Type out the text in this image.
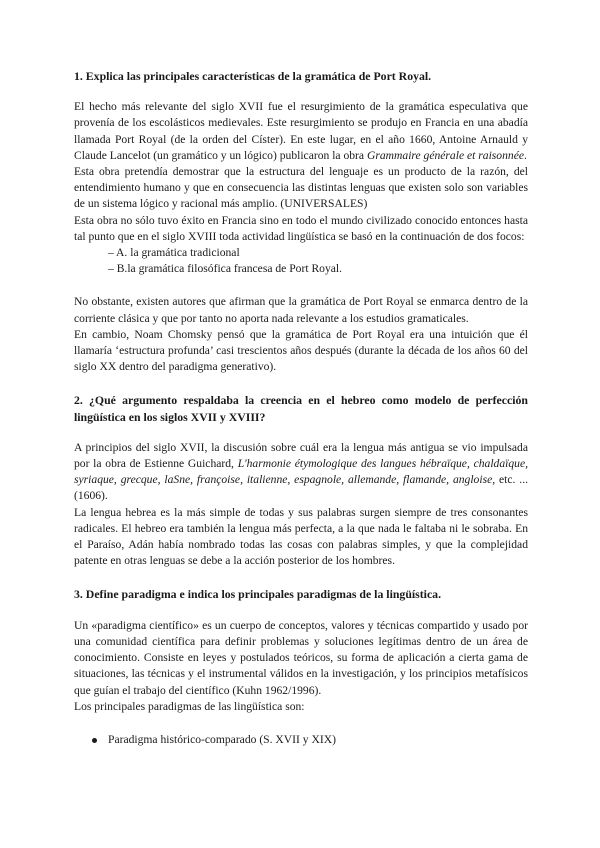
1. Explica las principales características de la gramática de Port Royal.

El hecho más relevante del siglo XVII fue el resurgimiento de la gramática especulativa que provenía de los escolásticos medievales. Este resurgimiento se produjo en Francia en una abadía llamada Port Royal (de la orden del Císter). En este lugar, en el año 1660, Antoine Arnauld y Claude Lancelot (un gramático y un lógico) publicaron la obra Grammaire générale et raisonnée.

Esta obra pretendía demostrar que la estructura del lenguaje es un producto de la razón, del entendimiento humano y que en consecuencia las distintas lenguas que existen solo son variables de un sistema lógico y racional más amplio. (UNIVERSALES)

Esta obra no sólo tuvo éxito en Francia sino en todo el mundo civilizado conocido entonces hasta tal punto que en el siglo XVIII toda actividad lingüística se basó en la continuación de dos focos:

– A. la gramática tradicional
– B.la gramática filosófica francesa de Port Royal.

No obstante, existen autores que afirman que la gramática de Port Royal se enmarca dentro de la corriente clásica y que por tanto no aporta nada relevante a los estudios gramaticales.

En cambio, Noam Chomsky pensó que la gramática de Port Royal era una intuición que él llamaría ‘estructura profunda’ casi trescientos años después (durante la década de los años 60 del siglo XX dentro del paradigma generativo).

2. ¿Qué argumento respaldaba la creencia en el hebreo como modelo de perfección lingüística en los siglos XVII y XVIII?

A principios del siglo XVII, la discusión sobre cuál era la lengua más antigua se vio impulsada por la obra de Estienne Guichard, L'harmonie étymologique des langues hébraïque, chaldaïque, syriaque, grecque, laSne, françoise, italienne, espagnole, allemande, flamande, angloise, etc. ... (1606).

La lengua hebrea es la más simple de todas y sus palabras surgen siempre de tres consonantes radicales. El hebreo era también la lengua más perfecta, a la que nada le faltaba ni le sobraba. En el Paraíso, Adán había nombrado todas las cosas con palabras simples, y que la complejidad patente en otras lenguas se debe a la acción posterior de los hombres.

3. Define paradigma e indica los principales paradigmas de la lingüística.

Un «paradigma científico» es un cuerpo de conceptos, valores y técnicas compartido y usado por una comunidad científica para definir problemas y soluciones legítimas dentro de un área de conocimiento. Consiste en leyes y postulados teóricos, su forma de aplicación a cierta gama de situaciones, las técnicas y el instrumental válidos en la investigación, y los principios metafísicos que guían el trabajo del científico (Kuhn 1962/1996).

Los principales paradigmas de las lingüística son:

Paradigma histórico-comparado (S. XVII y XIX)
